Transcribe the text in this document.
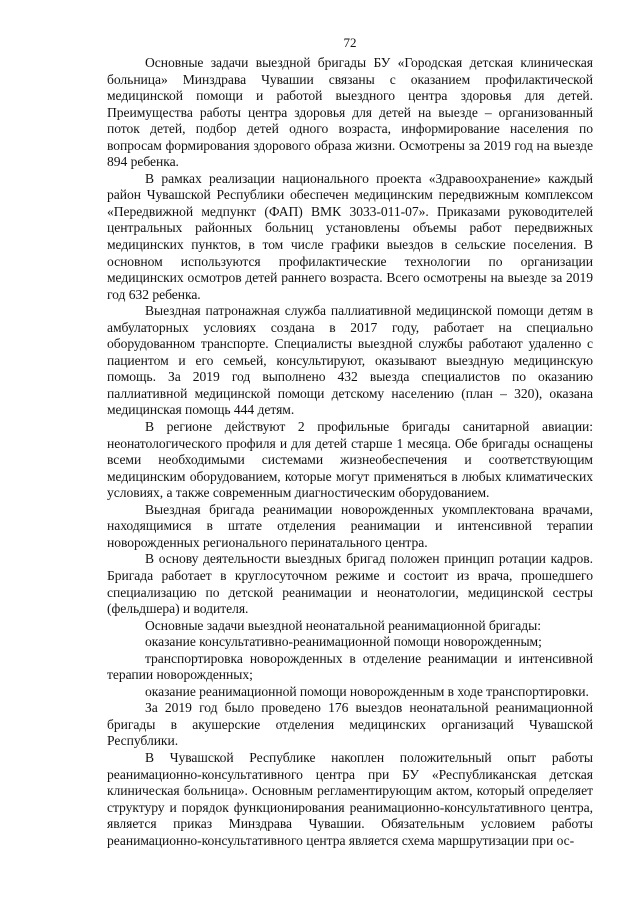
72

Основные задачи выездной бригады БУ «Городская детская клиническая больница» Минздрава Чувашии связаны с оказанием профилактической медицинской помощи и работой выездного центра здоровья для детей. Преимущества работы центра здоровья для детей на выезде – организованный поток детей, подбор детей одного возраста, информирование населения по вопросам формирования здорового образа жизни. Осмотрены за 2019 год на выезде 894 ребенка.

В рамках реализации национального проекта «Здравоохранение» каждый район Чувашской Республики обеспечен медицинским передвижным комплексом «Передвижной медпункт (ФАП) ВМК 3033-011-07». Приказами руководителей центральных районных больниц установлены объемы работ передвижных медицинских пунктов, в том числе графики выездов в сельские поселения. В основном используются профилактические технологии по организации медицинских осмотров детей раннего возраста. Всего осмотрены на выезде за 2019 год 632 ребенка.

Выездная патронажная служба паллиативной медицинской помощи детям в амбулаторных условиях создана в 2017 году, работает на специально оборудованном транспорте. Специалисты выездной службы работают удаленно с пациентом и его семьей, консультируют, оказывают выездную медицинскую помощь. За 2019 год выполнено 432 выезда специалистов по оказанию паллиативной медицинской помощи детскому населению (план – 320), оказана медицинская помощь 444 детям.

В регионе действуют 2 профильные бригады санитарной авиации: неонатологического профиля и для детей старше 1 месяца. Обе бригады оснащены всеми необходимыми системами жизнеобеспечения и соответствующим медицинским оборудованием, которые могут применяться в любых климатических условиях, а также современным диагностическим оборудованием.

Выездная бригада реанимации новорожденных укомплектована врачами, находящимися в штате отделения реанимации и интенсивной терапии новорожденных регионального перинатального центра.

В основу деятельности выездных бригад положен принцип ротации кадров. Бригада работает в круглосуточном режиме и состоит из врача, прошедшего специализацию по детской реанимации и неонатологии, медицинской сестры (фельдшера) и водителя.

Основные задачи выездной неонатальной реанимационной бригады:

оказание консультативно-реанимационной помощи новорожденным;

транспортировка новорожденных в отделение реанимации и интенсивной терапии новорожденных;

оказание реанимационной помощи новорожденным в ходе транспортировки.

За 2019 год было проведено 176 выездов неонатальной реанимационной бригады в акушерские отделения медицинских организаций Чувашской Республики.

В Чувашской Республике накоплен положительный опыт работы реанимационно-консультативного центра при БУ «Республиканская детская клиническая больница». Основным регламентирующим актом, который определяет структуру и порядок функционирования реанимационно-консультативного центра, является приказ Минздрава Чувашии. Обязательным условием работы реанимационно-консультативного центра является схема маршрутизации при ос-
